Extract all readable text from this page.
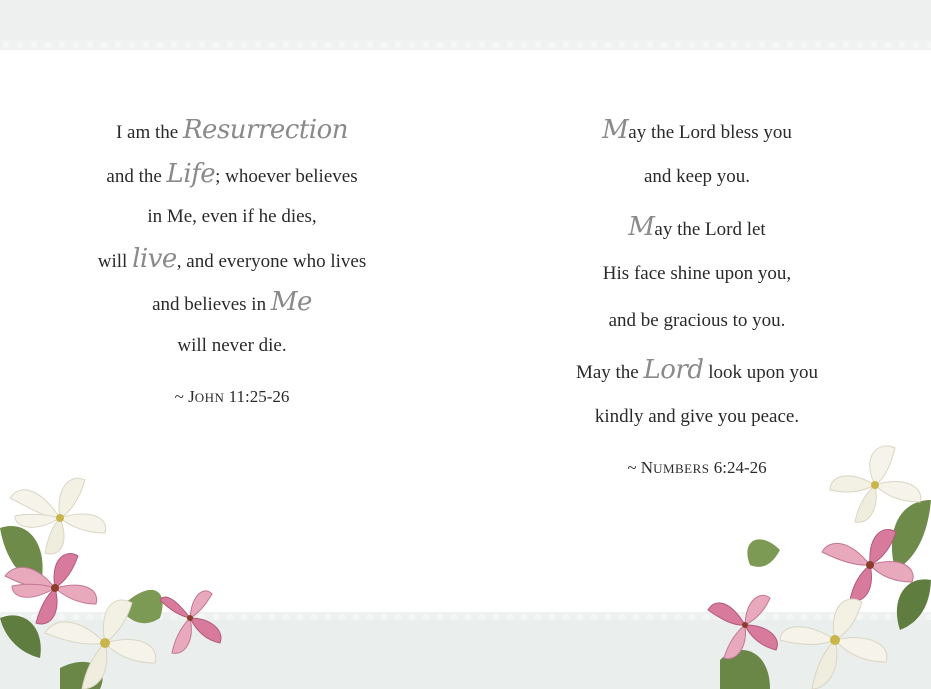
I am the Resurrection
and the Life; whoever believes
in Me, even if he dies,
will live, and everyone who lives
and believes in Me
will never die.
~ JOHN 11:25-26
May the Lord bless you
and keep you.
May the Lord let
His face shine upon you,
and be gracious to you.
May the Lord look upon you
kindly and give you peace.
~ NUMBERS 6:24-26
